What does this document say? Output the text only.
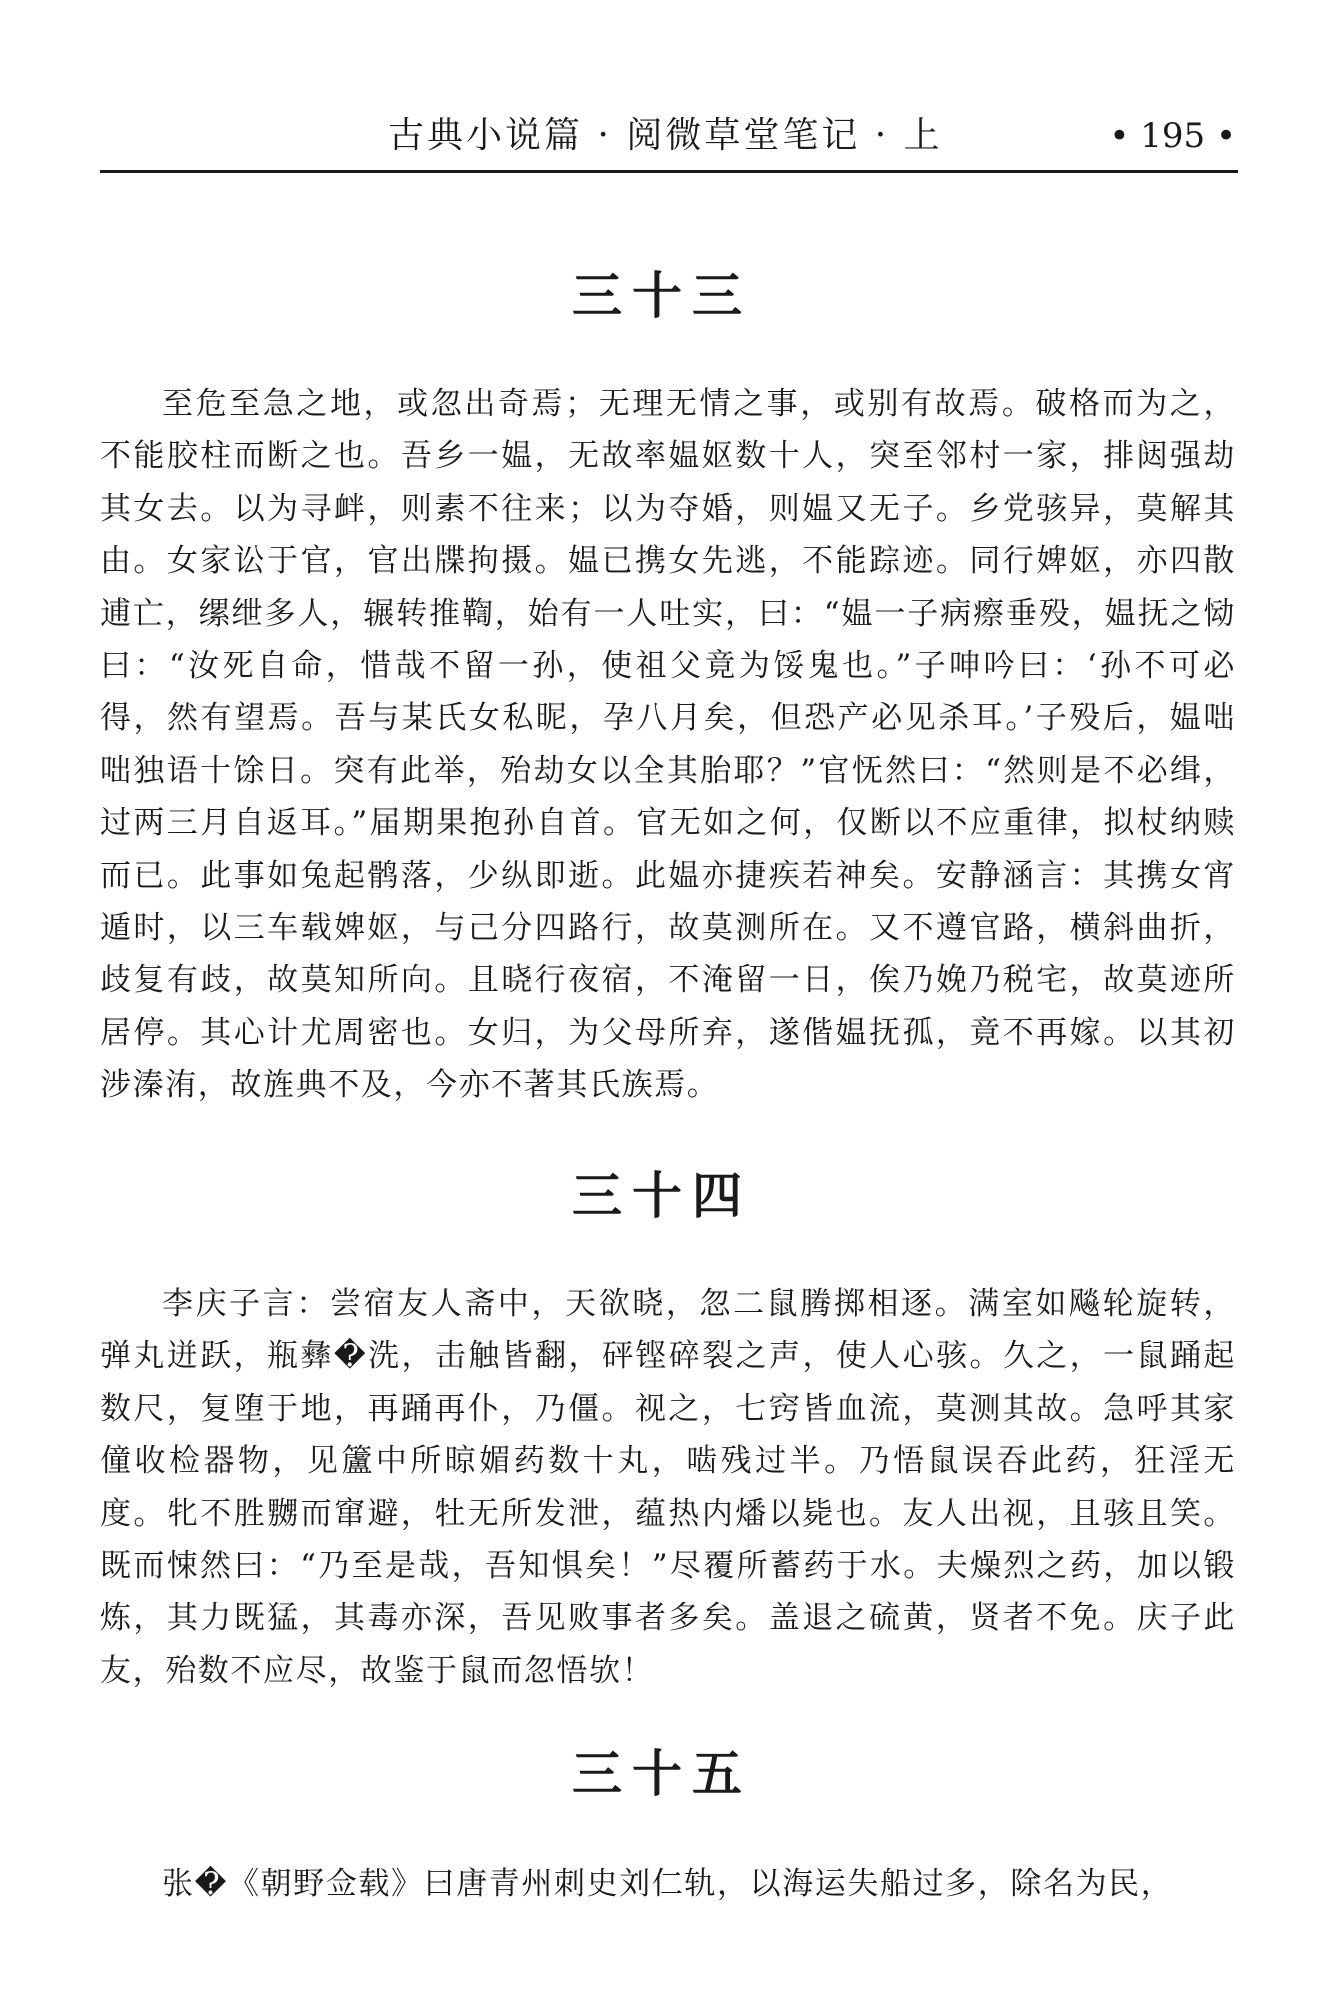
古典小说篇 · 阅微草堂笔记 · 上	• 195 •
三十三

至危至急之地，或忽出奇焉；无理无情之事，或别有故焉。破格而为之，不能胶柱而断之也。吾乡一媪，无故率媪妪数十人，突至邻村一家，排闼强劫其女去。以为寻衅，则素不往来；以为夺婚，则媪又无子。乡党骇异，莫解其由。女家讼于官，官出牒拘摄。媪已携女先逃，不能踪迹。同行婢妪，亦四散逋亡，缧绁多人，辗转推鞫，始有一人吐实，曰：“媪一子病瘵垂殁，媪抚之恸曰：“汝死自命，惜哉不留一孙，使祖父竟为馁鬼也。”子呻吟曰：‘孙不可必得，然有望焉。吾与某氏女私昵，孕八月矣，但恐产必见杀耳。’子殁后，媪咄咄独语十馀日。突有此举，殆劫女以全其胎耶？”官怃然曰：“然则是不必缉，过两三月自返耳。”届期果抱孙自首。官无如之何，仅断以不应重律，拟杖纳赎而已。此事如兔起鹘落，少纵即逝。此媪亦捷疾若神矣。安静涵言：其携女宵遁时，以三车载婢妪，与己分四路行，故莫测所在。又不遵官路，横斜曲折，歧复有歧，故莫知所向。且晓行夜宿，不淹留一日，俟乃娩乃税宅，故莫迹所居停。其心计尤周密也。女归，为父母所弃，遂偕媪抚孤，竟不再嫁。以其初涉溱洧，故旌典不及，今亦不著其氏族焉。

三十四

李庆子言：尝宿友人斋中，天欲晓，忽二鼠腾掷相逐。满室如飚轮旋转，弹丸迸跃，瓶彝�洗，击触皆翻，砰铿碎裂之声，使人心骇。久之，一鼠踊起数尺，复堕于地，再踊再仆，乃僵。视之，七窍皆血流，莫测其故。急呼其家僮收检器物，见籚中所晾媚药数十丸，啮残过半。乃悟鼠误吞此药，狂淫无度。牝不胜嬲而窜避，牡无所发泄，蕴热内燔以毙也。友人出视，且骇且笑。既而悚然曰：“乃至是哉，吾知惧矣！”尽覆所蓄药于水。夫燥烈之药，加以锻炼，其力既猛，其毒亦深，吾见败事者多矣。盖退之硫黄，贤者不免。庆子此友，殆数不应尽，故鉴于鼠而忽悟欤！

三十五

张�《朝野佥载》曰唐青州刺史刘仁轨，以海运失船过多，除名为民，
